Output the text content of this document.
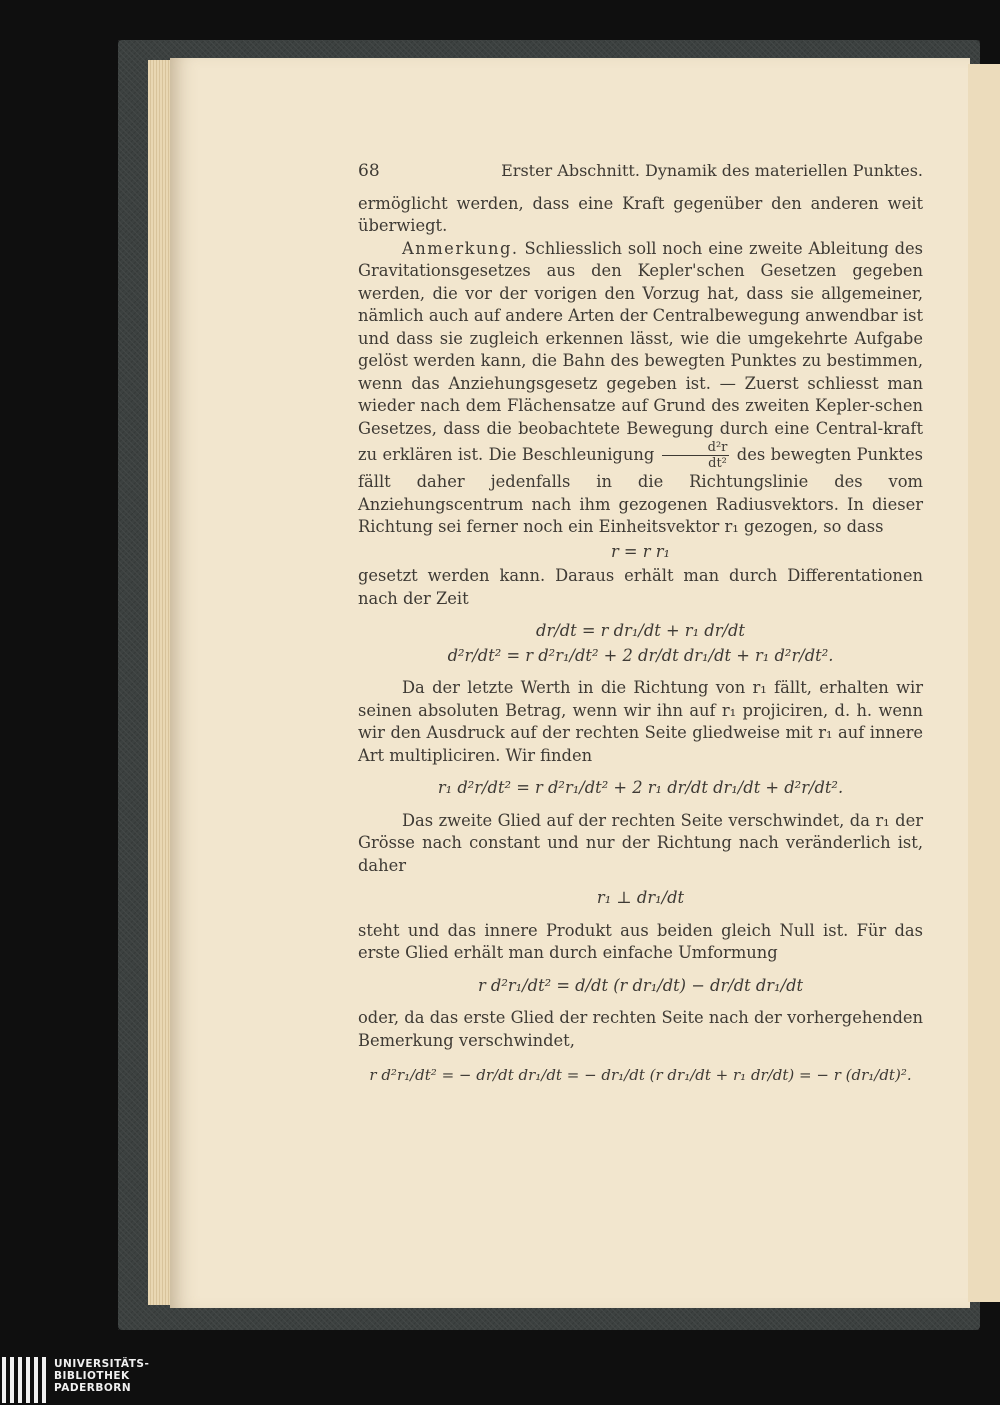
68	Erster Abschnitt. Dynamik des materiellen Punktes.

ermöglicht werden, dass eine Kraft gegenüber den anderen weit überwiegt.

Anmerkung. Schliesslich soll noch eine zweite Ableitung des Gravitationsgesetzes aus den Kepler'schen Gesetzen gegeben werden, die vor der vorigen den Vorzug hat, dass sie allgemeiner, nämlich auch auf andere Arten der Centralbewegung anwendbar ist und dass sie zugleich erkennen lässt, wie die umgekehrte Aufgabe gelöst werden kann, die Bahn des bewegten Punktes zu bestimmen, wenn das Anziehungsgesetz gegeben ist. — Zuerst schliesst man wieder nach dem Flächensatze auf Grund des zweiten Kepler-schen Gesetzes, dass die beobachtete Bewegung durch eine Central-kraft zu erklären ist. Die Beschleunigung $\frac{\text{d²r}}{\text{dt²}}$ des bewegten Punktes fällt daher jedenfalls in die Richtungslinie des vom Anziehungscentrum nach ihm gezogenen Radiusvektors. In dieser Richtung sei ferner noch ein Einheitsvektor r₁ gezogen, so dass

r = r r₁

gesetzt werden kann. Daraus erhält man durch Differentationen nach der Zeit

dr/dt = r dr₁/dt + r₁ dr/dt
d²r/dt² = r d²r₁/dt² + 2 dr/dt dr₁/dt + r₁ d²r/dt².

Da der letzte Werth in die Richtung von r₁ fällt, erhalten wir seinen absoluten Betrag, wenn wir ihn auf r₁ projiciren, d. h. wenn wir den Ausdruck auf der rechten Seite gliedweise mit r₁ auf innere Art multipliciren. Wir finden

r₁ d²r/dt² = r d²r₁/dt² + 2 r₁ dr/dt dr₁/dt + d²r/dt².

Das zweite Glied auf der rechten Seite verschwindet, da r₁ der Grösse nach constant und nur der Richtung nach veränderlich ist, daher

r₁ ⊥ dr₁/dt

steht und das innere Produkt aus beiden gleich Null ist. Für das erste Glied erhält man durch einfache Umformung

r d²r₁/dt² = d/dt (r dr₁/dt) − dr/dt dr₁/dt

oder, da das erste Glied der rechten Seite nach der vorhergehenden Bemerkung verschwindet,

r d²r₁/dt² = − dr/dt dr₁/dt = − dr₁/dt (r dr₁/dt + r₁ dr/dt) = − r (dr₁/dt)².
UNIVERSITÄTS-
BIBLIOTHEK
PADERBORN
